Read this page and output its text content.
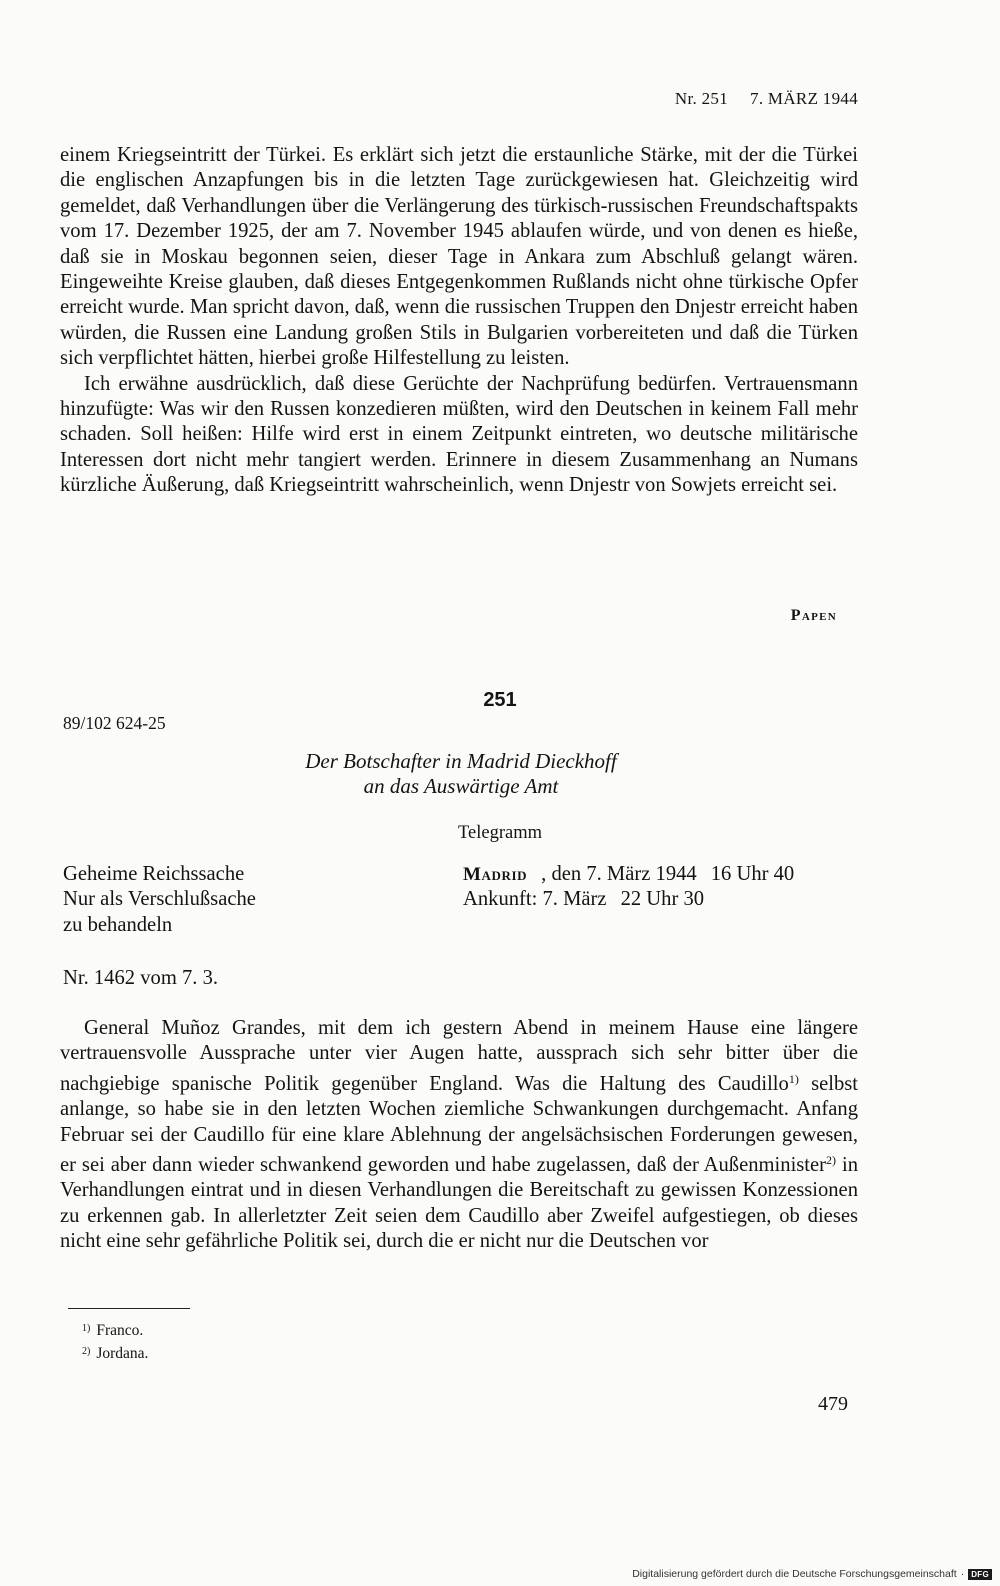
Nr. 251 7. MÄRZ 1944

einem Kriegseintritt der Türkei. Es erklärt sich jetzt die erstaunliche Stärke, mit der die Türkei die englischen Anzapfungen bis in die letzten Tage zurückgewiesen hat. Gleichzeitig wird gemeldet, daß Verhandlungen über die Verlängerung des türkisch-russischen Freundschaftspakts vom 17. Dezember 1925, der am 7. November 1945 ablaufen würde, und von denen es hieße, daß sie in Moskau begonnen seien, dieser Tage in Ankara zum Abschluß gelangt wären. Eingeweihte Kreise glauben, daß dieses Entgegenkommen Rußlands nicht ohne türkische Opfer erreicht wurde. Man spricht davon, daß, wenn die russischen Truppen den Dnjestr erreicht haben würden, die Russen eine Landung großen Stils in Bulgarien vorbereiteten und daß die Türken sich verpflichtet hätten, hierbei große Hilfestellung zu leisten.

Ich erwähne ausdrücklich, daß diese Gerüchte der Nachprüfung bedürfen. Vertrauensmann hinzufügte: Was wir den Russen konzedieren müßten, wird den Deutschen in keinem Fall mehr schaden. Soll heißen: Hilfe wird erst in einem Zeitpunkt eintreten, wo deutsche militärische Interessen dort nicht mehr tangiert werden. Erinnere in diesem Zusammenhang an Numans kürzliche Äußerung, daß Kriegseintritt wahrscheinlich, wenn Dnjestr von Sowjets erreicht sei.

Papen
251
89/102 624-25
Der Botschafter in Madrid Dieckhoff
an das Auswärtige Amt
Telegramm
Geheime Reichssache
Nur als Verschlußsache
zu behandeln
Madrid , den 7. März 1944 16 Uhr 40
Ankunft: 7. März 22 Uhr 30
Nr. 1462 vom 7. 3.

General Muñoz Grandes, mit dem ich gestern Abend in meinem Hause eine längere vertrauensvolle Aussprache unter vier Augen hatte, aussprach sich sehr bitter über die nachgiebige spanische Politik gegenüber England. Was die Haltung des Caudillo$^{1)}$ selbst anlange, so habe sie in den letzten Wochen ziemliche Schwankungen durchgemacht. Anfang Februar sei der Caudillo für eine klare Ablehnung der angelsächsischen Forderungen gewesen, er sei aber dann wieder schwankend geworden und habe zugelassen, daß der Außenminister$^{2)}$ in Verhandlungen eintrat und in diesen Verhandlungen die Bereitschaft zu gewissen Konzessionen zu erkennen gab. In allerletzter Zeit seien dem Caudillo aber Zweifel aufgestiegen, ob dieses nicht eine sehr gefährliche Politik sei, durch die er nicht nur die Deutschen vor

$^{1)}$ Franco.
$^{2)}$ Jordana.
479
Digitalisierung gefördert durch die Deutsche Forschungsgemeinschaft · DFG
